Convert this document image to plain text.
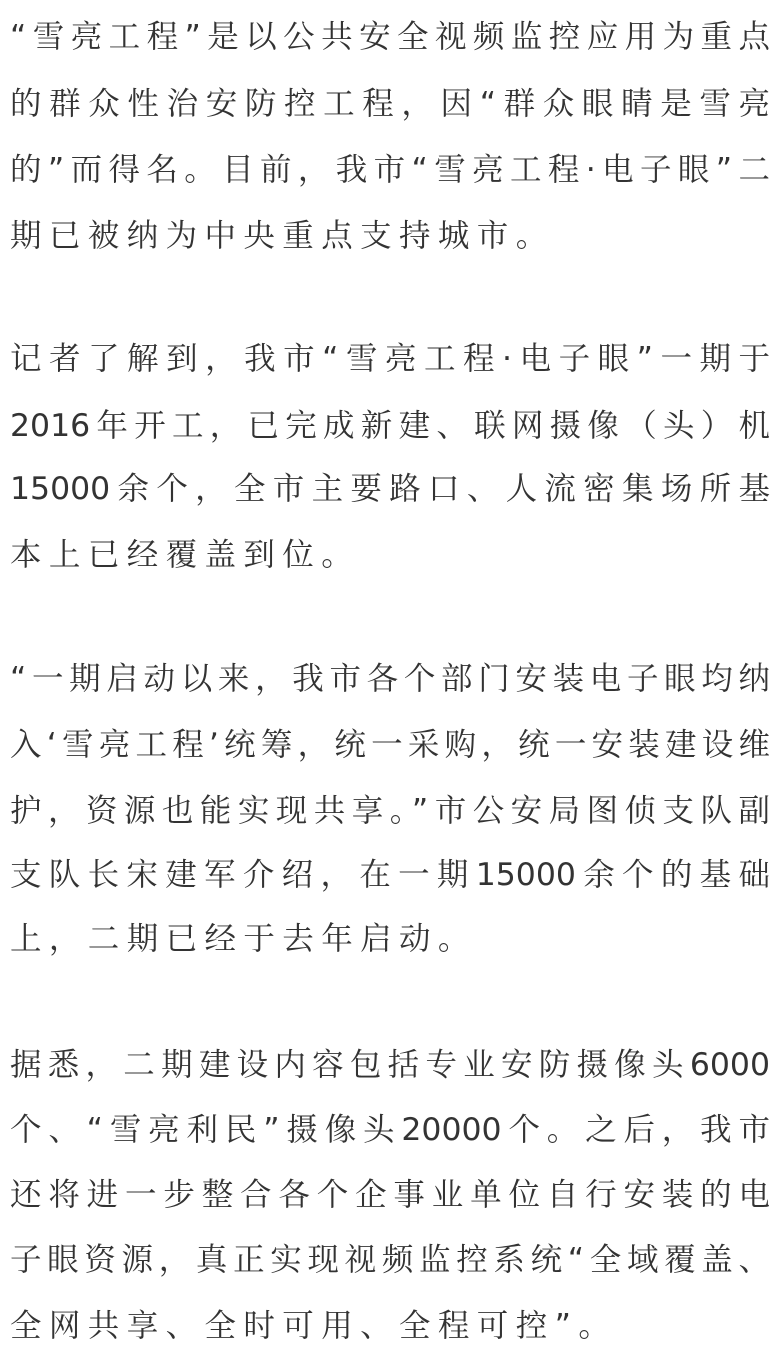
“雪亮工程”是以公共安全视频监控应用为重点
的群众性治安防控工程，因“群众眼睛是雪亮
的”而得名。目前，我市“雪亮工程·电子眼”二
期已被纳为中央重点支持城市。
记者了解到，我市“雪亮工程·电子眼”一期于
2016年开工，已完成新建、联网摄像（头）机
15000余个，全市主要路口、人流密集场所基
本上已经覆盖到位。
“一期启动以来，我市各个部门安装电子眼均纳
入‘雪亮工程’统筹，统一采购，统一安装建设维
护，资源也能实现共享。”市公安局图侦支队副
支队长宋建军介绍，在一期15000余个的基础
上，二期已经于去年启动。
据悉，二期建设内容包括专业安防摄像头6000
个、“雪亮利民”摄像头20000个。之后，我市
还将进一步整合各个企事业单位自行安装的电
子眼资源，真正实现视频监控系统“全域覆盖、
全网共享、全时可用、全程可控”。
